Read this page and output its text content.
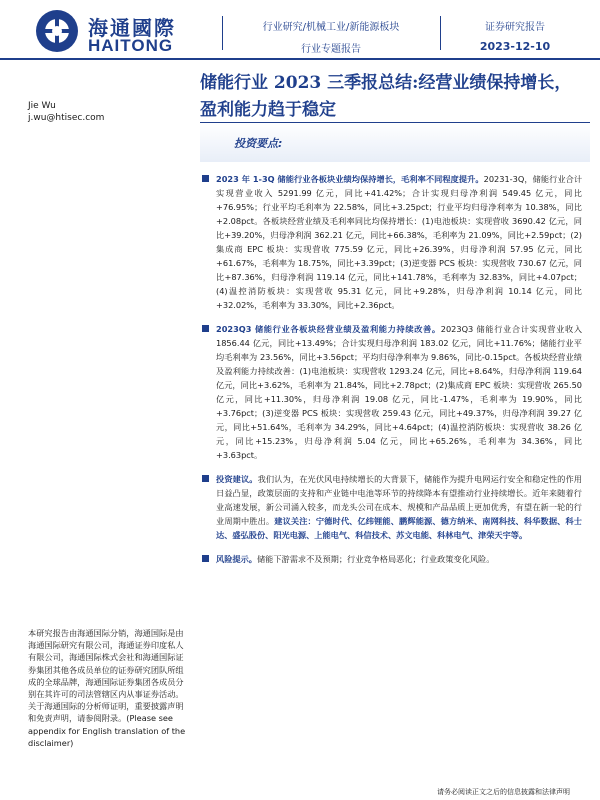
海通國際
HAITONG
行业研究/机械工业/新能源板块
行业专题报告
证券研究报告
2023-12-10
储能行业 2023 三季报总结:经营业绩保持增长，盈利能力趋于稳定
Jie Wu
j.wu@htisec.com
投资要点:
2023 年 1-3Q 储能行业各板块业绩均保持增长，毛利率不同程度提升。20231-3Q，储能行业合计实现营业收入 5291.99 亿元，同比+41.42%；合计实现归母净利润 549.45 亿元，同比+76.95%；行业平均毛利率为 22.58%，同比+3.25pct；行业平均归母净利率为 10.38%，同比+2.08pct。各板块经营业绩及毛利率同比均保持增长：(1)电池板块：实现营收 3690.42 亿元，同比+39.20%，归母净利润 362.21 亿元，同比+66.38%，毛利率为 21.09%，同比+2.59pct；(2)集成商 EPC 板块：实现营收 775.59 亿元，同比+26.39%，归母净利润 57.95 亿元，同比+61.67%，毛利率为 18.75%，同比+3.39pct；(3)逆变器 PCS 板块：实现营收 730.67 亿元，同比+87.36%，归母净利润 119.14 亿元，同比+141.78%，毛利率为 32.83%，同比+4.07pct；(4)温控消防板块：实现营收 95.31 亿元，同比+9.28%，归母净利润 10.14 亿元，同比+32.02%，毛利率为 33.30%，同比+2.36pct。
2023Q3 储能行业各板块经营业绩及盈利能力持续改善。2023Q3 储能行业合计实现营业收入 1856.44 亿元，同比+13.49%；合计实现归母净利润 183.02 亿元，同比+11.76%；储能行业平均毛利率为 23.56%，同比+3.56pct；平均归母净利率为 9.86%，同比-0.15pct。各板块经营业绩及盈利能力持续改善：(1)电池板块：实现营收 1293.24 亿元，同比+8.64%，归母净利润 119.64 亿元，同比+3.62%，毛利率为 21.84%，同比+2.78pct；(2)集成商 EPC 板块：实现营收 265.50 亿元，同比+11.30%，归母净利润 19.08 亿元，同比-1.47%，毛利率为 19.90%，同比+3.76pct；(3)逆变器 PCS 板块：实现营收 259.43 亿元，同比+49.37%，归母净利润 39.27 亿元，同比+51.64%，毛利率为 34.29%，同比+4.64pct；(4)温控消防板块：实现营收 38.26 亿元，同比+15.23%，归母净利润 5.04 亿元，同比+65.26%，毛利率为 34.36%，同比+3.63pct。
投资建议。我们认为，在光伏风电持续增长的大背景下，储能作为提升电网运行安全和稳定性的作用日益凸显，政策层面的支持和产业链中电池等环节的持续降本有望推动行业持续增长。近年来随着行业高速发展，新公司涌入较多，而龙头公司在成本、规模和产品品质上更加优秀，有望在新一轮的行业周期中胜出。建议关注：宁德时代、亿纬锂能、鹏辉能源、德方纳米、南网科技、科华数据、科士达、盛弘股份、阳光电源、上能电气、科信技术、苏文电能、科林电气、津荣天宇等。
风险提示。储能下游需求不及预期；行业竞争格局恶化；行业政策变化风险。
本研究报告由海通国际分销，海通国际是由海通国际研究有限公司，海通证券印度私人有限公司，海通国际株式会社和海通国际证券集团其他各成员单位的证券研究团队所组成的全球品牌，海通国际证券集团各成员分别在其许可的司法管辖区内从事证券活动。关于海通国际的分析师证明，重要披露声明和免责声明，请参阅附录。(Please see appendix for English translation of the disclaimer)
请务必阅读正文之后的信息披露和法律声明
